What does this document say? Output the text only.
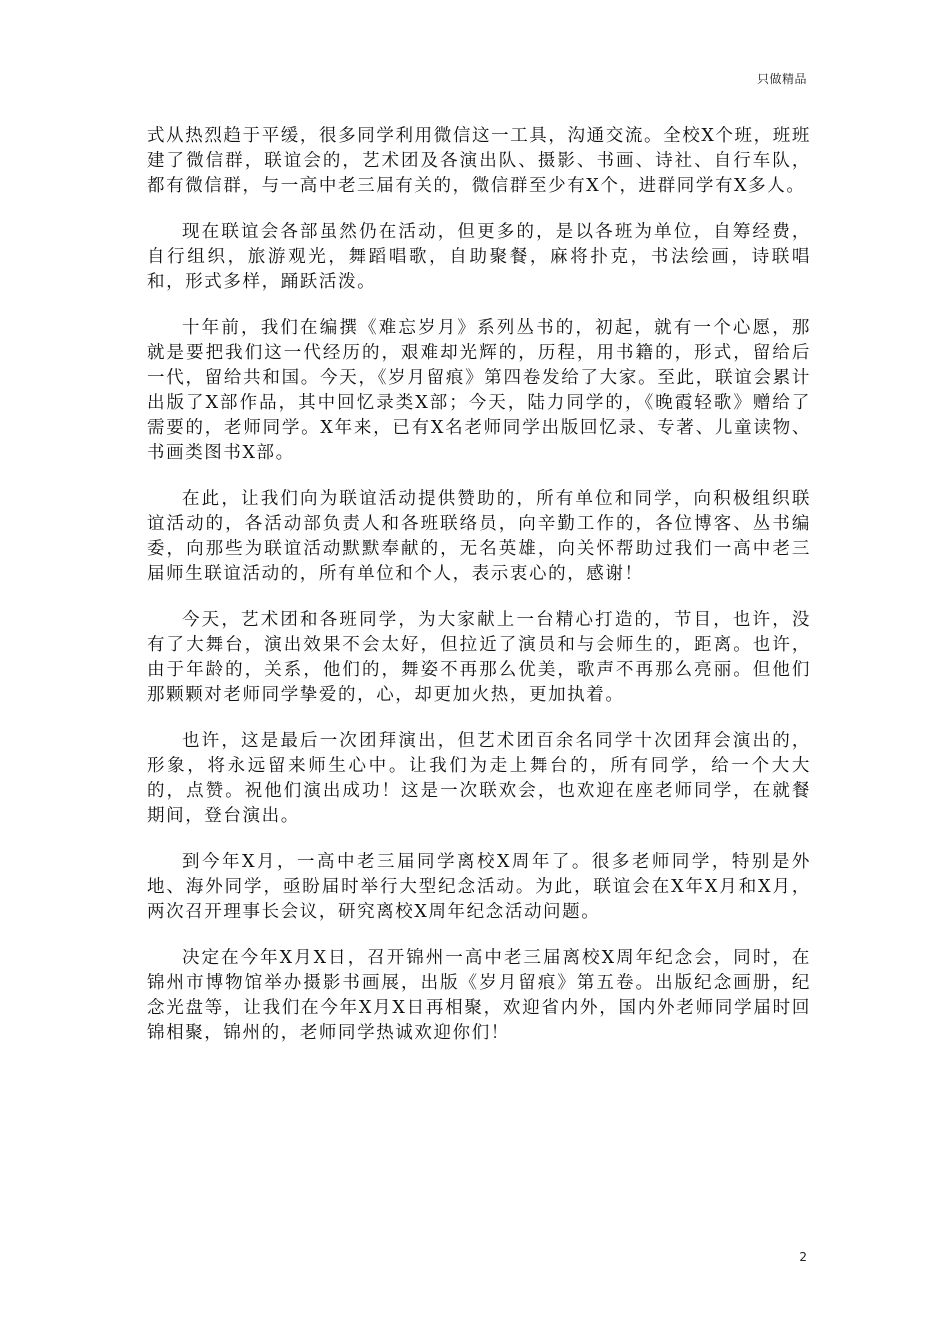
只做精品

式从热烈趋于平缓，很多同学利用微信这一工具，沟通交流。全校X个班，班班建了微信群，联谊会的，艺术团及各演出队、摄影、书画、诗社、自行车队，都有微信群，与一高中老三届有关的，微信群至少有X个，进群同学有X多人。

现在联谊会各部虽然仍在活动，但更多的，是以各班为单位，自筹经费，自行组织，旅游观光，舞蹈唱歌，自助聚餐，麻将扑克，书法绘画，诗联唱和，形式多样，踊跃活泼。

十年前，我们在编撰《难忘岁月》系列丛书的，初起，就有一个心愿，那就是要把我们这一代经历的，艰难却光辉的，历程，用书籍的，形式，留给后一代，留给共和国。今天，《岁月留痕》第四卷发给了大家。至此，联谊会累计出版了X部作品，其中回忆录类X部；今天，陆力同学的，《晚霞轻歌》赠给了需要的，老师同学。X年来，已有X名老师同学出版回忆录、专著、儿童读物、书画类图书X部。

在此，让我们向为联谊活动提供赞助的，所有单位和同学，向积极组织联谊活动的，各活动部负责人和各班联络员，向辛勤工作的，各位博客、丛书编委，向那些为联谊活动默默奉献的，无名英雄，向关怀帮助过我们一高中老三届师生联谊活动的，所有单位和个人，表示衷心的，感谢！

今天，艺术团和各班同学，为大家献上一台精心打造的，节目，也许，没有了大舞台，演出效果不会太好，但拉近了演员和与会师生的，距离。也许，由于年龄的，关系，他们的，舞姿不再那么优美，歌声不再那么亮丽。但他们那颗颗对老师同学挚爱的，心，却更加火热，更加执着。

也许，这是最后一次团拜演出，但艺术团百余名同学十次团拜会演出的，形象，将永远留来师生心中。让我们为走上舞台的，所有同学，给一个大大的，点赞。祝他们演出成功！这是一次联欢会，也欢迎在座老师同学，在就餐期间，登台演出。

到今年X月，一高中老三届同学离校X周年了。很多老师同学，特别是外地、海外同学，亟盼届时举行大型纪念活动。为此，联谊会在X年X月和X月，两次召开理事长会议，研究离校X周年纪念活动问题。

决定在今年X月X日，召开锦州一高中老三届离校X周年纪念会，同时，在锦州市博物馆举办摄影书画展，出版《岁月留痕》第五卷。出版纪念画册，纪念光盘等，让我们在今年X月X日再相聚，欢迎省内外，国内外老师同学届时回锦相聚，锦州的，老师同学热诚欢迎你们！

2
